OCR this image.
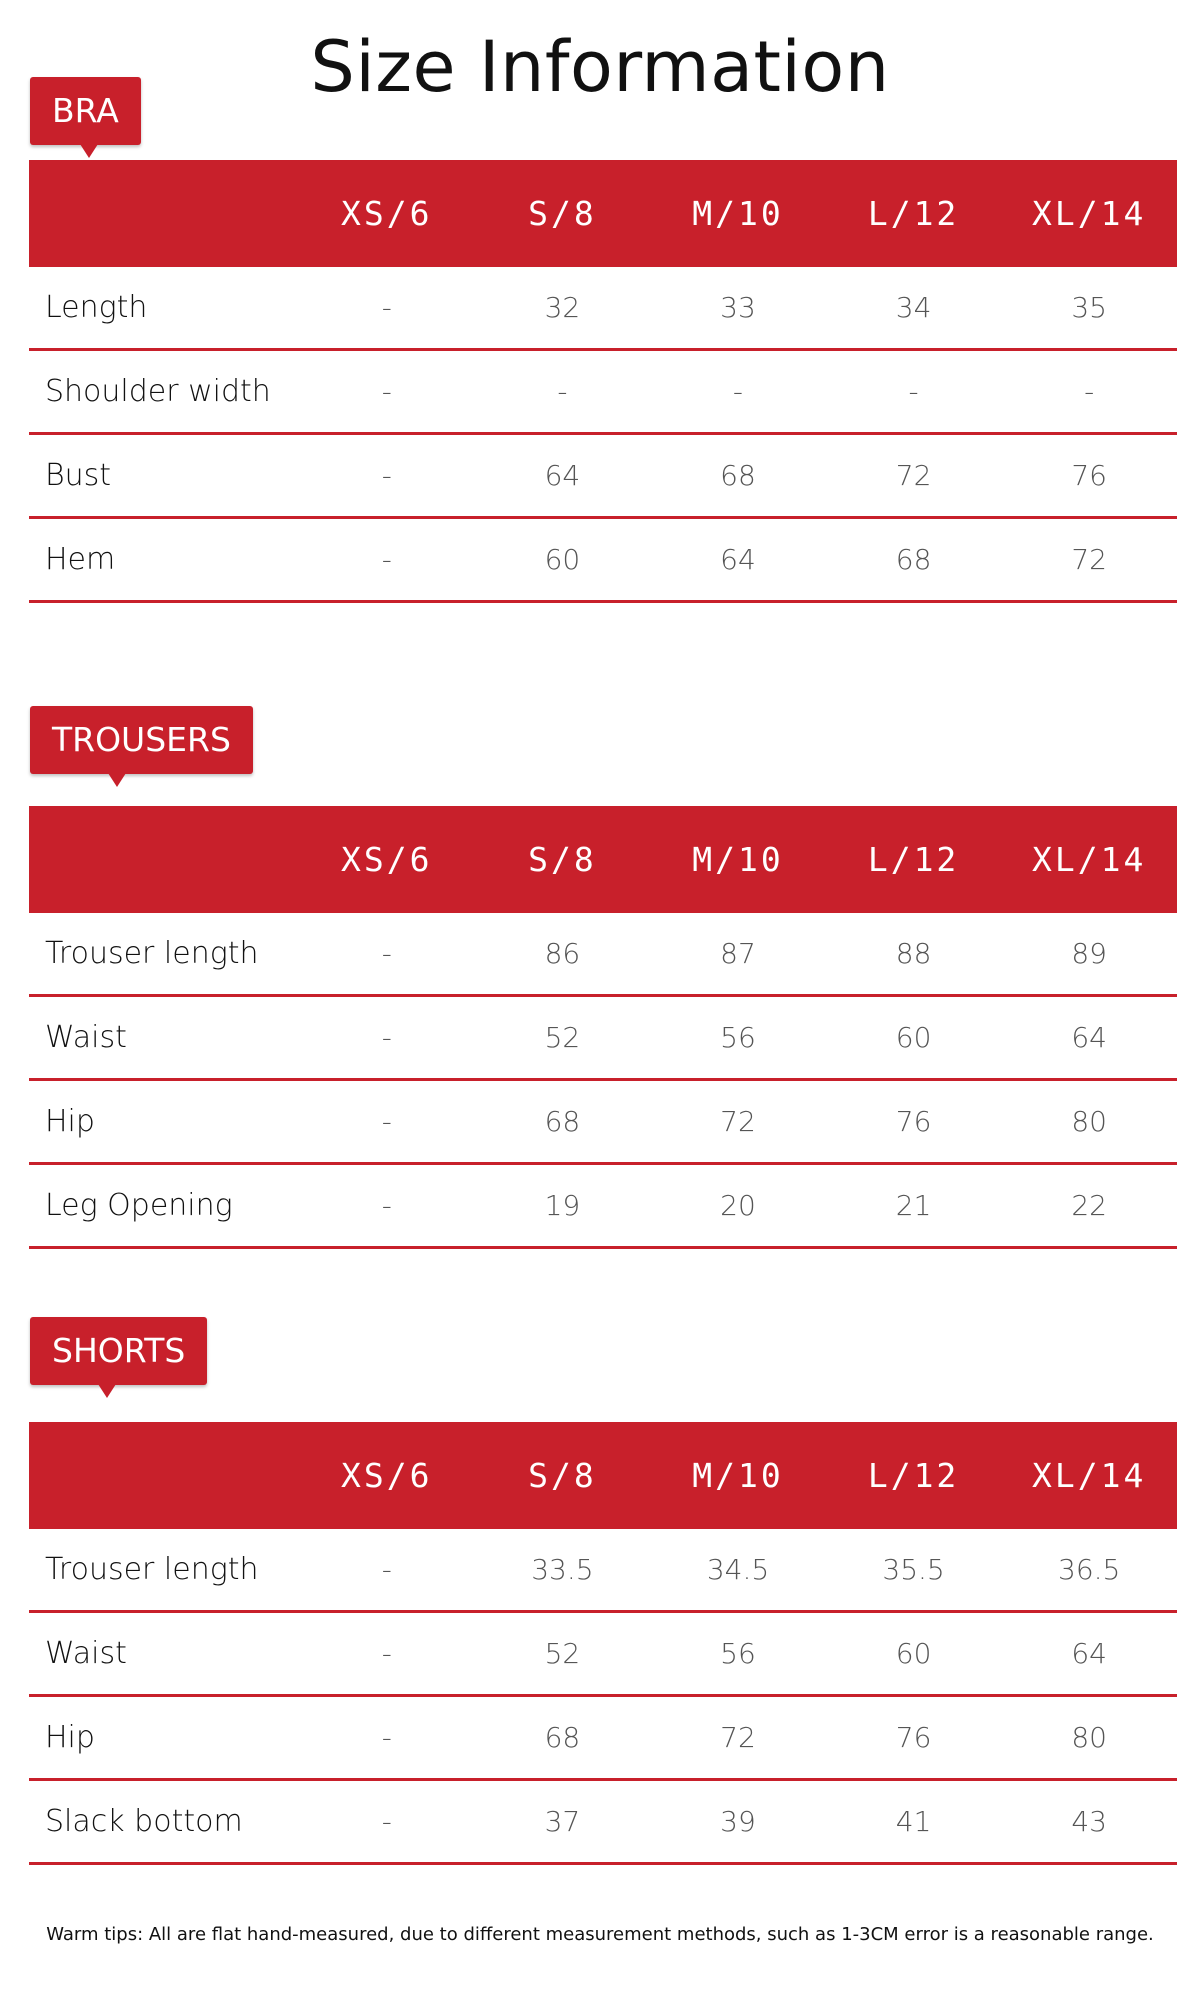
Size Information
BRA
	XS/6	S/8	M/10	L/12	XL/14
Length	-	32	33	34	35
Shoulder width	-	-	-	-	-
Bust	-	64	68	72	76
Hem	-	60	64	68	72
TROUSERS
	XS/6	S/8	M/10	L/12	XL/14
Trouser length	-	86	87	88	89
Waist	-	52	56	60	64
Hip	-	68	72	76	80
Leg Opening	-	19	20	21	22
SHORTS
	XS/6	S/8	M/10	L/12	XL/14
Trouser length	-	33.5	34.5	35.5	36.5
Waist	-	52	56	60	64
Hip	-	68	72	76	80
Slack bottom	-	37	39	41	43
Warm tips: All are flat hand-measured, due to different measurement methods, such as 1-3CM error is a reasonable range.
